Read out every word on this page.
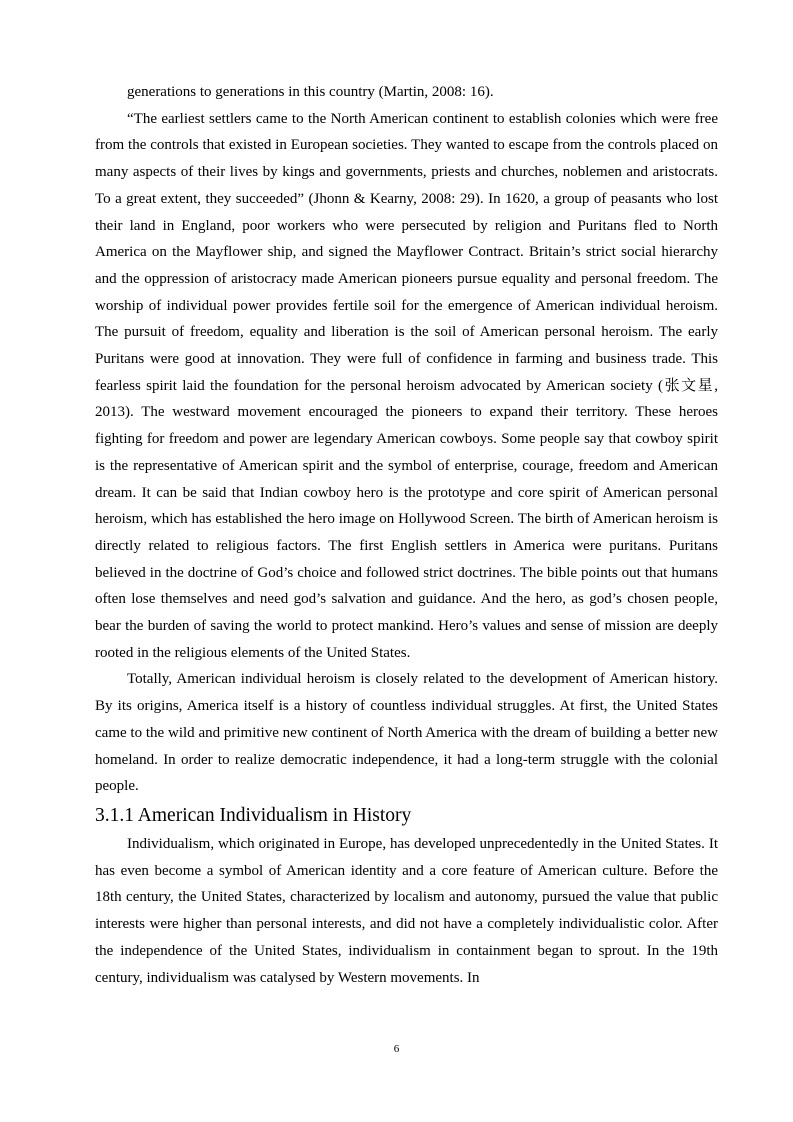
generations to generations in this country (Martin, 2008: 16).

“The earliest settlers came to the North American continent to establish colonies which were free from the controls that existed in European societies. They wanted to escape from the controls placed on many aspects of their lives by kings and governments, priests and churches, noblemen and aristocrats. To a great extent, they succeeded” (Jhonn & Kearny, 2008: 29). In 1620, a group of peasants who lost their land in England, poor workers who were persecuted by religion and Puritans fled to North America on the Mayflower ship, and signed the Mayflower Contract. Britain’s strict social hierarchy and the oppression of aristocracy made American pioneers pursue equality and personal freedom. The worship of individual power provides fertile soil for the emergence of American individual heroism. The pursuit of freedom, equality and liberation is the soil of American personal heroism. The early Puritans were good at innovation. They were full of confidence in farming and business trade. This fearless spirit laid the foundation for the personal heroism advocated by American society (张文星, 2013). The westward movement encouraged the pioneers to expand their territory. These heroes fighting for freedom and power are legendary American cowboys. Some people say that cowboy spirit is the representative of American spirit and the symbol of enterprise, courage, freedom and American dream. It can be said that Indian cowboy hero is the prototype and core spirit of American personal heroism, which has established the hero image on Hollywood Screen. The birth of American heroism is directly related to religious factors. The first English settlers in America were puritans. Puritans believed in the doctrine of God’s choice and followed strict doctrines. The bible points out that humans often lose themselves and need god’s salvation and guidance. And the hero, as god’s chosen people, bear the burden of saving the world to protect mankind. Hero’s values and sense of mission are deeply rooted in the religious elements of the United States.

Totally, American individual heroism is closely related to the development of American history. By its origins, America itself is a history of countless individual struggles. At first, the United States came to the wild and primitive new continent of North America with the dream of building a better new homeland. In order to realize democratic independence, it had a long-term struggle with the colonial people.

3.1.1 American Individualism in History

Individualism, which originated in Europe, has developed unprecedentedly in the United States. It has even become a symbol of American identity and a core feature of American culture. Before the 18th century, the United States, characterized by localism and autonomy, pursued the value that public interests were higher than personal interests, and did not have a completely individualistic color. After the independence of the United States, individualism in containment began to sprout. In the 19th century, individualism was catalysed by Western movements. In

6
